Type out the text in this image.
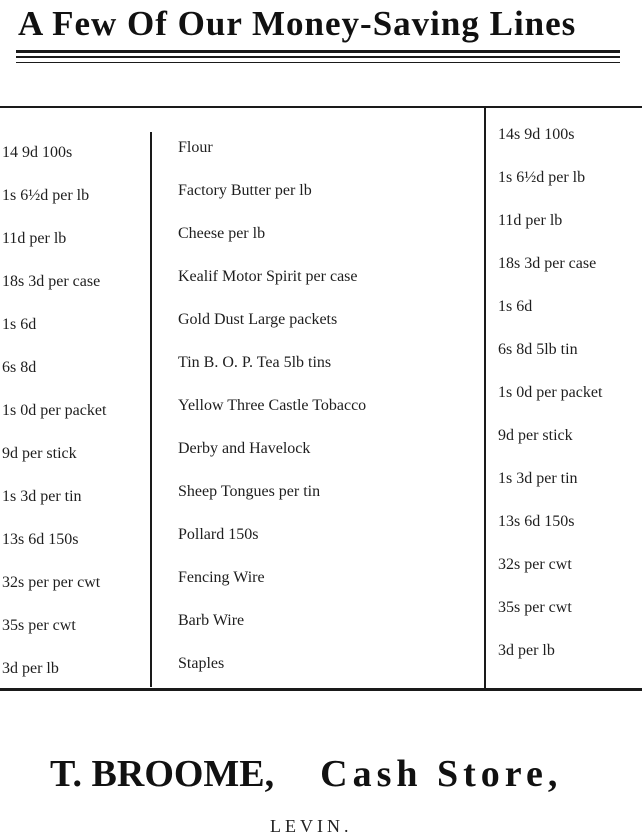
A Few Of Our Money-Saving Lines
14 9d 100s
1s 6½d per lb
11d per lb
18s 3d per case
1s 6d
6s 8d
1s 0d per packet
9d per stick
1s 3d per tin
13s 6d 150s
32s per per cwt
35s per cwt
3d per lb
Flour
Factory Butter per lb
Cheese per lb
Kealif Motor Spirit per case
Gold Dust Large packets
Tin B. O. P. Tea 5lb tins
Yellow Three Castle Tobacco
Derby and Havelock
Sheep Tongues per tin
Pollard 150s
Fencing Wire
Barb Wire
Staples
14s 9d 100s
1s 6½d per lb
11d per lb
18s 3d per case
1s 6d
6s 8d 5lb tin
1s 0d per packet
9d per stick
1s 3d per tin
13s 6d 150s
32s per cwt
35s per cwt
3d per lb
T. BROOME, Cash Store,
LEVIN.
